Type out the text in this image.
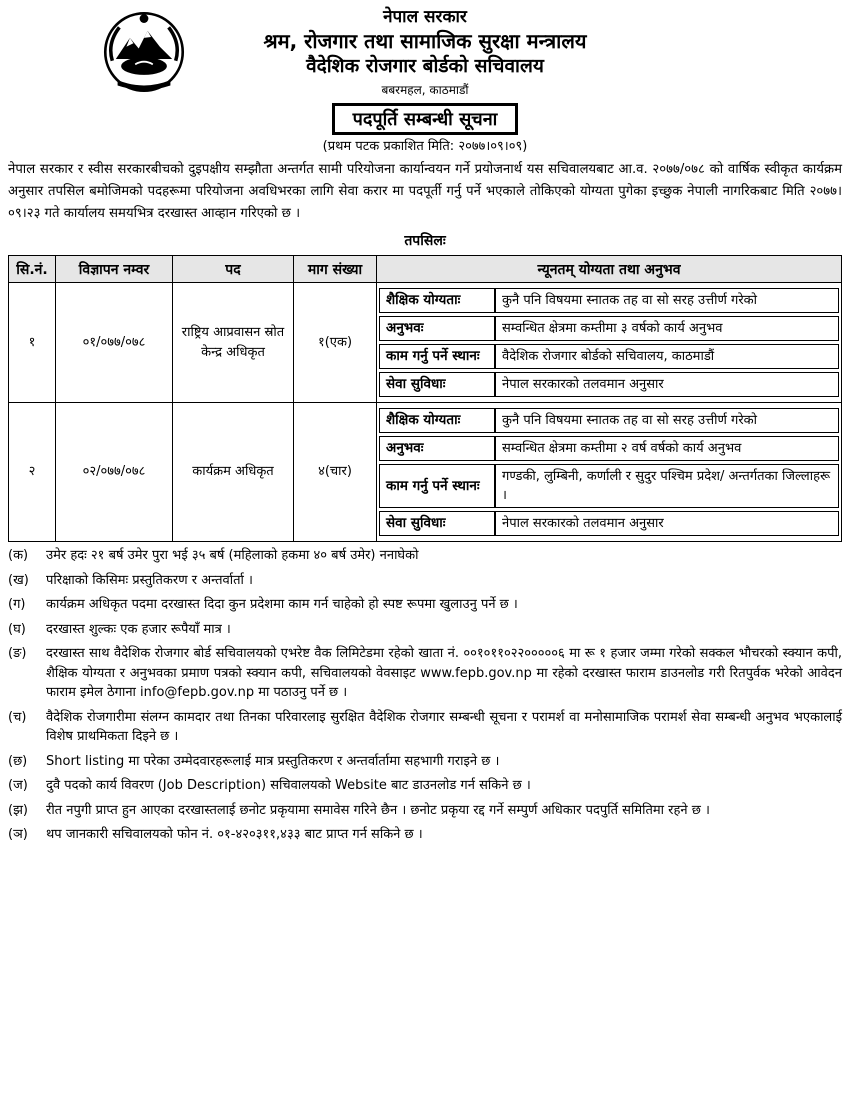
नेपाल सरकार
श्रम, रोजगार तथा सामाजिक सुरक्षा मन्त्रालय
वैदेशिक रोजगार बोर्डको सचिवालय
बबरमहल, काठमाडौं
पदपूर्ति सम्बन्धी सूचना
(प्रथम पटक प्रकाशित मिति: २०७७।०९।०९)
नेपाल सरकार र स्वीस सरकारबीचको दुइपक्षीय सम्झौता अन्तर्गत सामी परियोजना कार्यान्वयन गर्ने प्रयोजनार्थ यस सचिवालयबाट आ.व. २०७७/०७८ को वार्षिक स्वीकृत कार्यक्रम अनुसार तपसिल बमोजिमको पदहरूमा परियोजना अवधिभरका लागि सेवा करार मा पदपूर्ती गर्नु पर्ने भएकाले तोकिएको योग्यता पुगेका इच्छुक नेपाली नागरिकबाट मिति २०७७।०९।२३ गते कार्यालय समयभित्र दरखास्त आव्हान गरिएको छ ।
तपसिलः
सि.नं.	विज्ञापन नम्वर	पद	माग संख्या	न्यूनतम् योग्यता तथा अनुभव
१	०१/०७७/०७८	राष्ट्रिय आप्रवासन स्रोत केन्द्र अधिकृत	१(एक)	
शैक्षिक योग्यताः	कुनै पनि विषयमा स्नातक तह वा सो सरह उत्तीर्ण गरेको
अनुभवः	सम्वन्धित क्षेत्रमा कम्तीमा ३ वर्षको कार्य अनुभव
काम गर्नु पर्ने स्थानः	वैदेशिक रोजगार बोर्डको सचिवालय, काठमाडौं
सेवा सुविधाः	नेपाल सरकारको तलवमान अनुसार

२	०२/०७७/०७८	कार्यक्रम अधिकृत	४(चार)	
शैक्षिक योग्यताः	कुनै पनि विषयमा स्नातक तह वा सो सरह उत्तीर्ण गरेको
अनुभवः	सम्वन्धित क्षेत्रमा कम्तीमा २ वर्ष वर्षको कार्य अनुभव
काम गर्नु पर्ने स्थानः	गण्डकी, लुम्बिनी, कर्णाली र सुदुर पश्चिम प्रदेश/ अन्तर्गतका जिल्लाहरू ।
सेवा सुविधाः	नेपाल सरकारको तलवमान अनुसार
(क)	उमेर हदः २१ बर्ष उमेर पुरा भई ३५ बर्ष (महिलाको हकमा ४० बर्ष उमेर) ननाघेको
(ख)	परिक्षाको किसिमः प्रस्तुतिकरण र अन्तर्वार्ता ।
(ग)	कार्यक्रम अधिकृत पदमा दरखास्त दिदा कुन प्रदेशमा काम गर्न चाहेको हो स्पष्ट रूपमा खुलाउनु पर्ने छ ।
(घ)	दरखास्त शुल्कः एक हजार रूपैयाँ मात्र ।
(ङ)	दरखास्त साथ वैदेशिक रोजगार बोर्ड सचिवालयको एभरेष्ट वैक लिमिटेडमा रहेको खाता नं. ००१०११०२२०००००६ मा रू १ हजार जम्मा गरेको सक्कल भौचरको स्क्यान कपी, शैक्षिक योग्यता र अनुभवका प्रमाण पत्रको स्क्यान कपी, सचिवालयको वेवसाइट www.fepb.gov.np मा रहेको दरखास्त फाराम डाउनलोड गरी रितपुर्वक भरेको आवेदन फाराम इमेल ठेगाना info@fepb.gov.np मा पठाउनु पर्ने छ ।
(च)	वैदेशिक रोजगारीमा संलग्न कामदार तथा तिनका परिवारलाइ सुरक्षित वैदेशिक रोजगार सम्बन्धी सूचना र परामर्श वा मनोसामाजिक परामर्श सेवा सम्बन्धी अनुभव भएकालाई विशेष प्राथमिकता दिइने छ ।
(छ)	Short listing मा परेका उम्मेदवारहरूलाई मात्र प्रस्तुतिकरण र अन्तर्वार्तामा सहभागी गराइने छ ।
(ज)	दुवै पदको कार्य विवरण (Job Description) सचिवालयको Website बाट डाउनलोड गर्न सकिने छ ।
(झ)	रीत नपुगी प्राप्त हुन आएका दरखास्तलाई छनोट प्रकृयामा समावेस गरिने छैन । छनोट प्रकृया रद्द गर्ने सम्पुर्ण अधिकार पदपुर्ति समितिमा रहने छ ।
(ञ)	थप जानकारी सचिवालयको फोन नं. ०१-४२०३११,४३३ बाट प्राप्त गर्न सकिने छ ।
